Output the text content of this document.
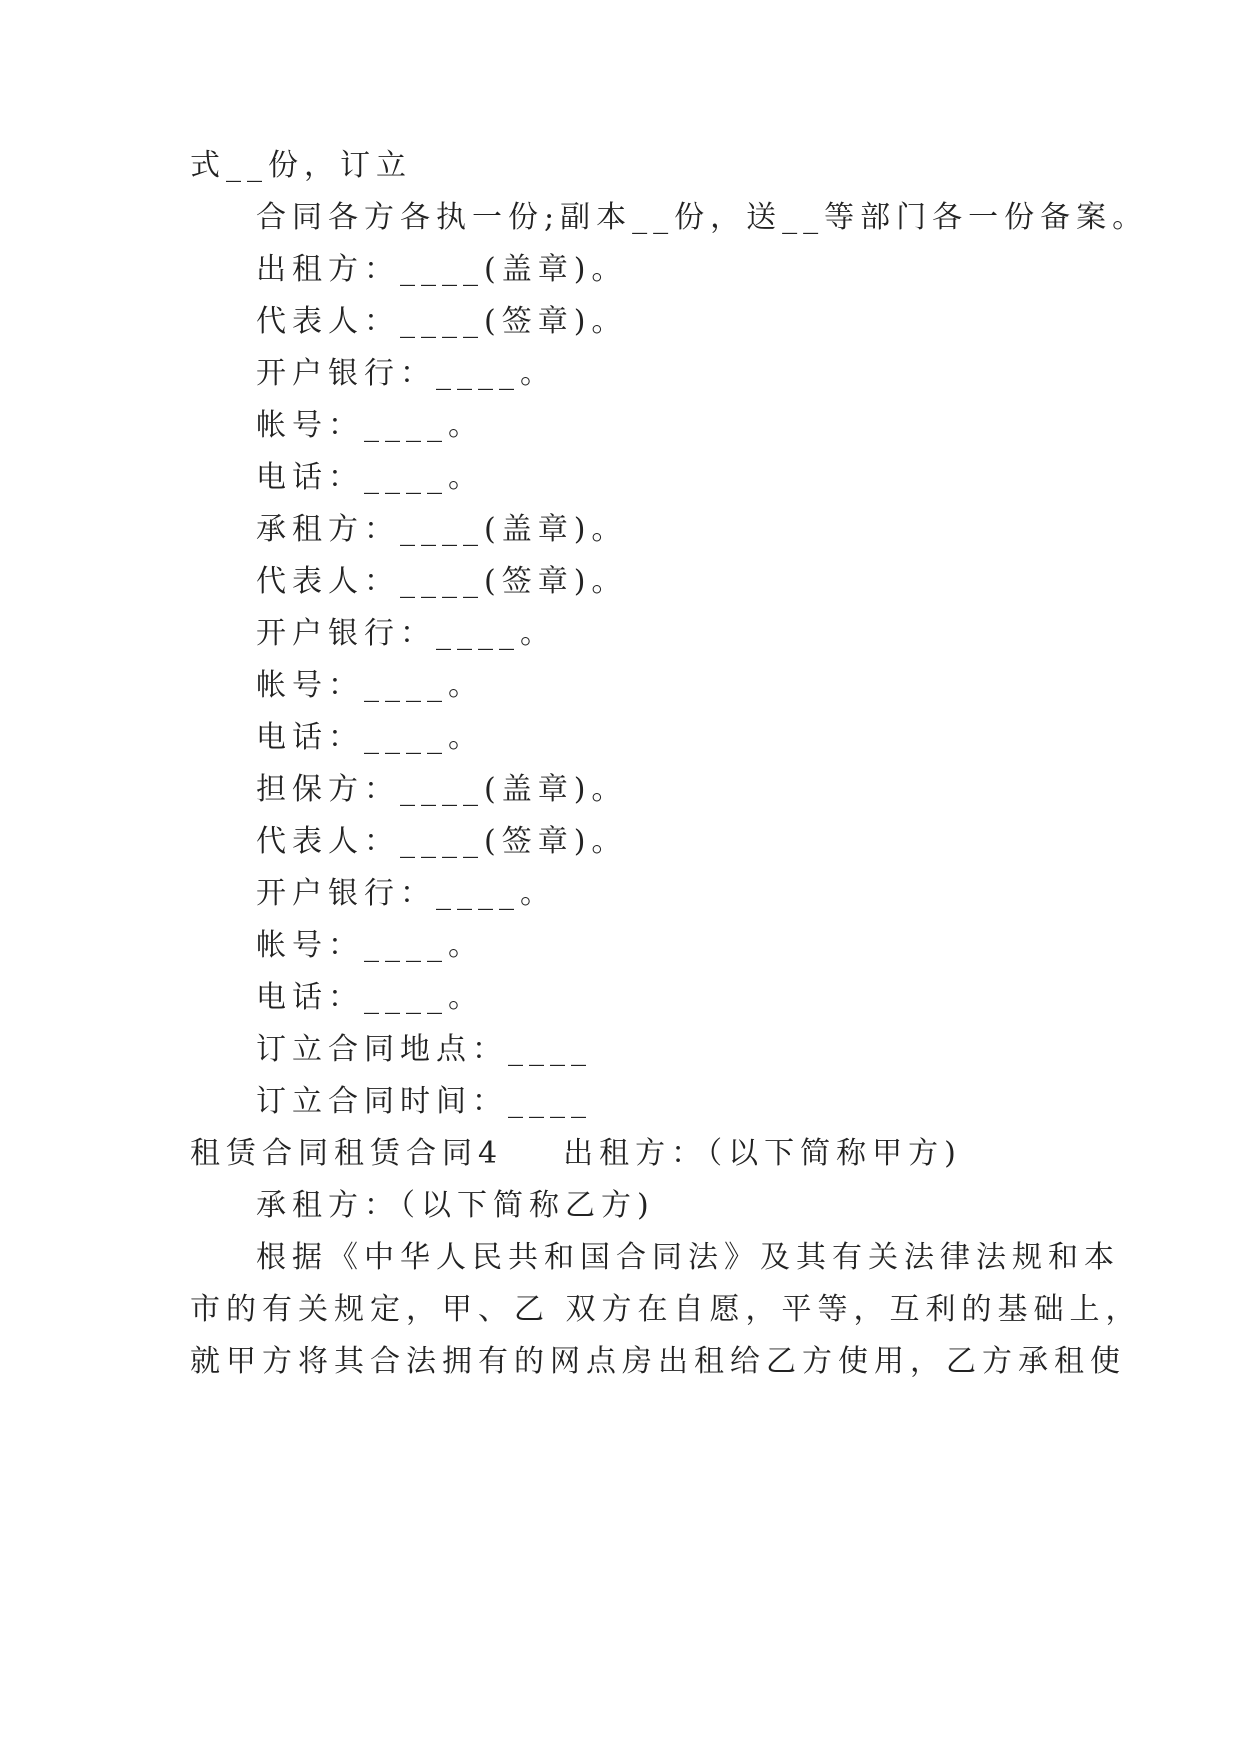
式__份，订立
合同各方各执一份;副本__份，送__等部门各一份备案。
出租方：____(盖章)。
代表人：____(签章)。
开户银行：____。
帐号：____。
电话：____。
承租方：____(盖章)。
代表人：____(签章)。
开户银行：____。
帐号：____。
电话：____。
担保方：____(盖章)。
代表人：____(签章)。
开户银行：____。
帐号：____。
电话：____。
订立合同地点：____
订立合同时间：____
租赁合同租赁合同4 出租方：（以下简称甲方)
承租方：（以下简称乙方)
根据《中华人民共和国合同法》及其有关法律法规和本
市的有关规定，甲、乙 双方在自愿，平等，互利的基础上，
就甲方将其合法拥有的网点房出租给乙方使用，乙方承租使
